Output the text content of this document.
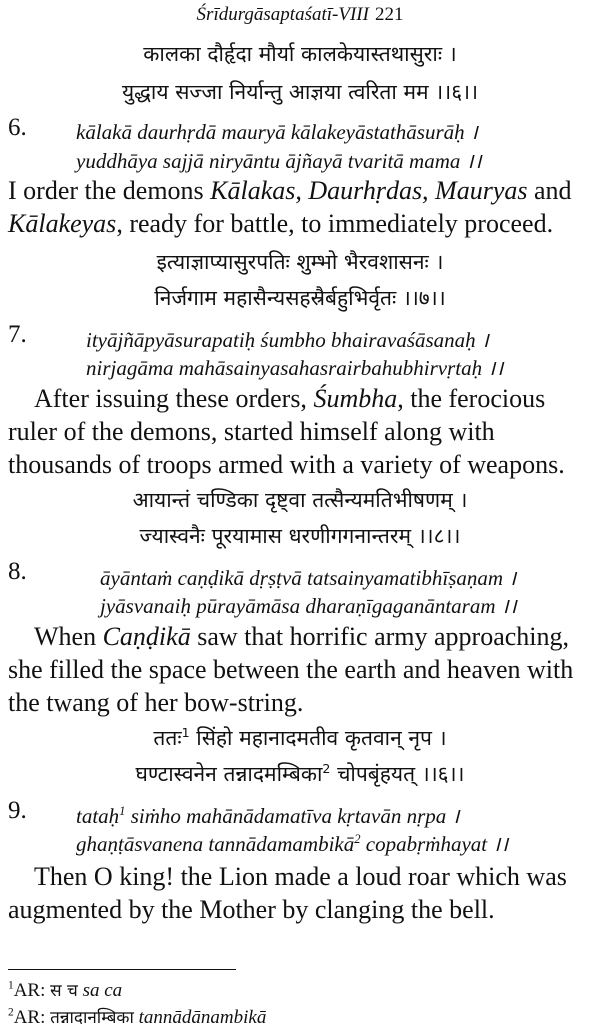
Śrīdurgāsaptaśatī-VIII 221
कालका दौर्हृदा मौर्या कालकेयास्तथासुराः ।
युद्धाय सज्जा निर्यान्तु आज्ञया त्वरिता मम ।।६।।
6. kālakā daurhṛdā mauryā kālakeyāstathāsurāḥ ।
yuddhāya sajjā niryāntu ājñayā tvaritā mama ।।
I order the demons Kālakas, Daurhṛdas, Mauryas and Kālakeyas, ready for battle, to immediately proceed.
इत्याज्ञाप्यासुरपतिः शुम्भो भैरवशासनः ।
निर्जगाम महासैन्यसहस्रैर्बहुभिर्वृतः ।।७।।
7.	ityājñāpyāsurapatiḥ śumbho bhairavaśāsanaḥ ।
nirjagāma mahāsainyasahasrairbahubhirvṛtaḥ ।।
After issuing these orders, Śumbha, the ferocious ruler of the demons, started himself along with thousands of troops armed with a variety of weapons.
आयान्तं चण्डिका दृष्ट्वा तत्सैन्यमतिभीषणम् ।
ज्यास्वनैः पूरयामास धरणीगगनान्तरम् ।।८।।
8.	āyāntaṁ caṇḍikā dṛṣṭvā tatsainyamatibhīṣaṇam ।
jyāsvanaiḥ pūrayāmāsa dharaṇīgaganāntaram ।।
When Caṇḍikā saw that horrific army approaching, she filled the space between the earth and heaven with the twang of her bow-string.
ततः$^1$ सिंहो महानादमतीव कृतवान् नृप ।
घण्टास्वनेन तन्नादमम्बिका$^2$ चोपबृंहयत् ।।६।।
9. tataḥ$^1$ siṁho mahānādamatīva kṛtavān nṛpa ।
ghaṇṭāsvanena tannādamambikā$^2$ copabṛṁhayat ।।
Then O king! the Lion made a loud roar which was augmented by the Mother by clanging the bell.
$^1$AR: स च sa ca
$^2$AR: तन्नादानम्बिका tannādānambikā
